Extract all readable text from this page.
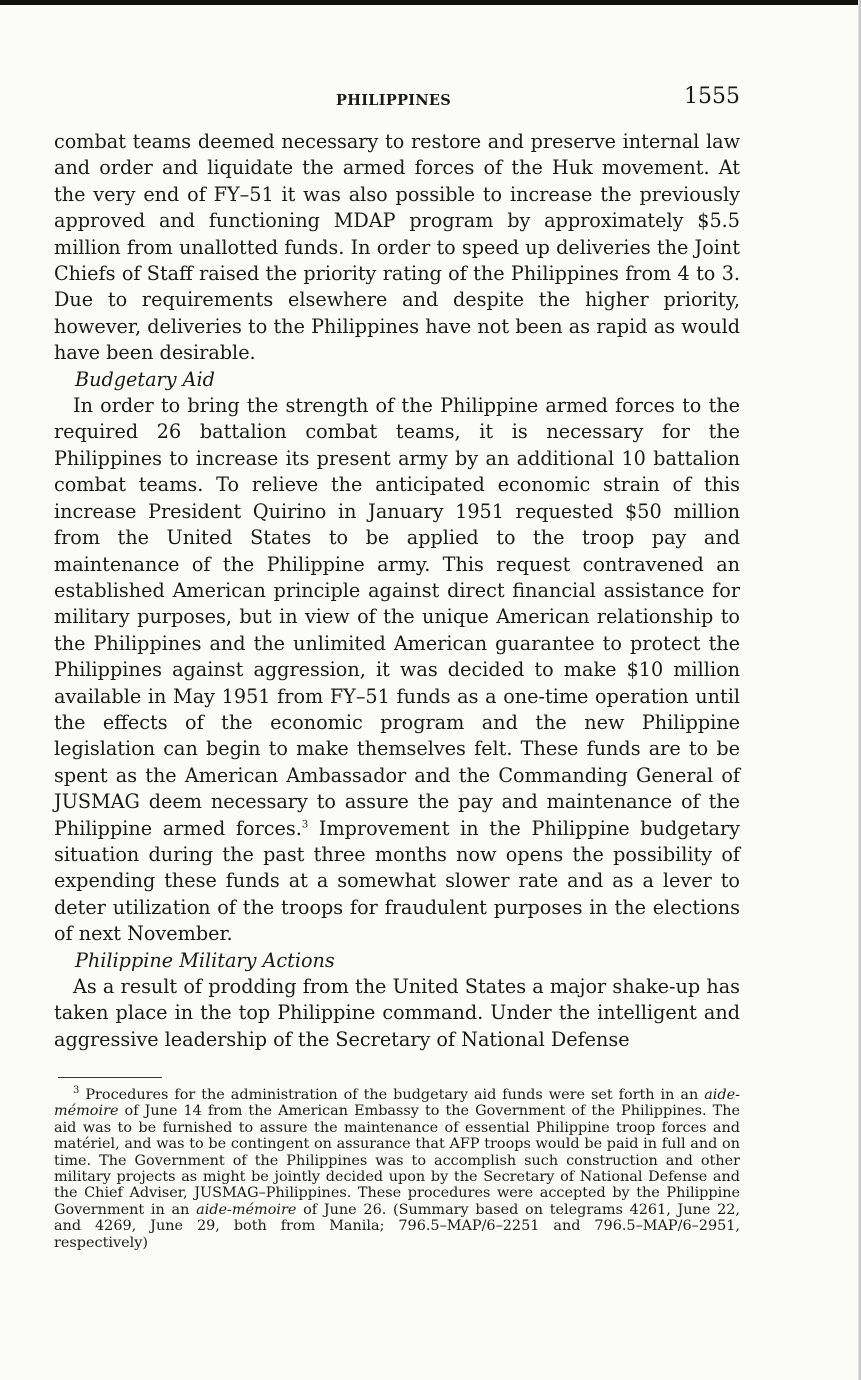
PHILIPPINES	1555

combat teams deemed necessary to restore and preserve internal law and order and liquidate the armed forces of the Huk movement. At the very end of FY–51 it was also possible to increase the previously approved and functioning MDAP program by approximately $5.5 million from unallotted funds. In order to speed up deliveries the Joint Chiefs of Staff raised the priority rating of the Philippines from 4 to 3. Due to requirements elsewhere and despite the higher priority, however, deliveries to the Philippines have not been as rapid as would have been desirable.

Budgetary Aid

In order to bring the strength of the Philippine armed forces to the required 26 battalion combat teams, it is necessary for the Philippines to increase its present army by an additional 10 battalion combat teams. To relieve the anticipated economic strain of this increase President Quirino in January 1951 requested $50 million from the United States to be applied to the troop pay and maintenance of the Philippine army. This request contravened an established American principle against direct financial assistance for military purposes, but in view of the unique American relationship to the Philippines and the unlimited American guarantee to protect the Philippines against aggression, it was decided to make $10 million available in May 1951 from FY–51 funds as a one-time operation until the effects of the economic program and the new Philippine legislation can begin to make themselves felt. These funds are to be spent as the American Ambassador and the Commanding General of JUSMAG deem necessary to assure the pay and maintenance of the Philippine armed forces.$^3$ Improvement in the Philippine budgetary situation during the past three months now opens the possibility of expending these funds at a somewhat slower rate and as a lever to deter utilization of the troops for fraudulent purposes in the elections of next November.

Philippine Military Actions

As a result of prodding from the United States a major shake-up has taken place in the top Philippine command. Under the intelligent and aggressive leadership of the Secretary of National Defense

$^3$ Procedures for the administration of the budgetary aid funds were set forth in an aide-mémoire of June 14 from the American Embassy to the Government of the Philippines. The aid was to be furnished to assure the maintenance of essential Philippine troop forces and matériel, and was to be contingent on assurance that AFP troops would be paid in full and on time. The Government of the Philippines was to accomplish such construction and other military projects as might be jointly decided upon by the Secretary of National Defense and the Chief Adviser, JUSMAG–Philippines. These procedures were accepted by the Philippine Government in an aide-mémoire of June 26. (Summary based on telegrams 4261, June 22, and 4269, June 29, both from Manila; 796.5–MAP/6–2251 and 796.5–MAP/6–2951, respectively)
